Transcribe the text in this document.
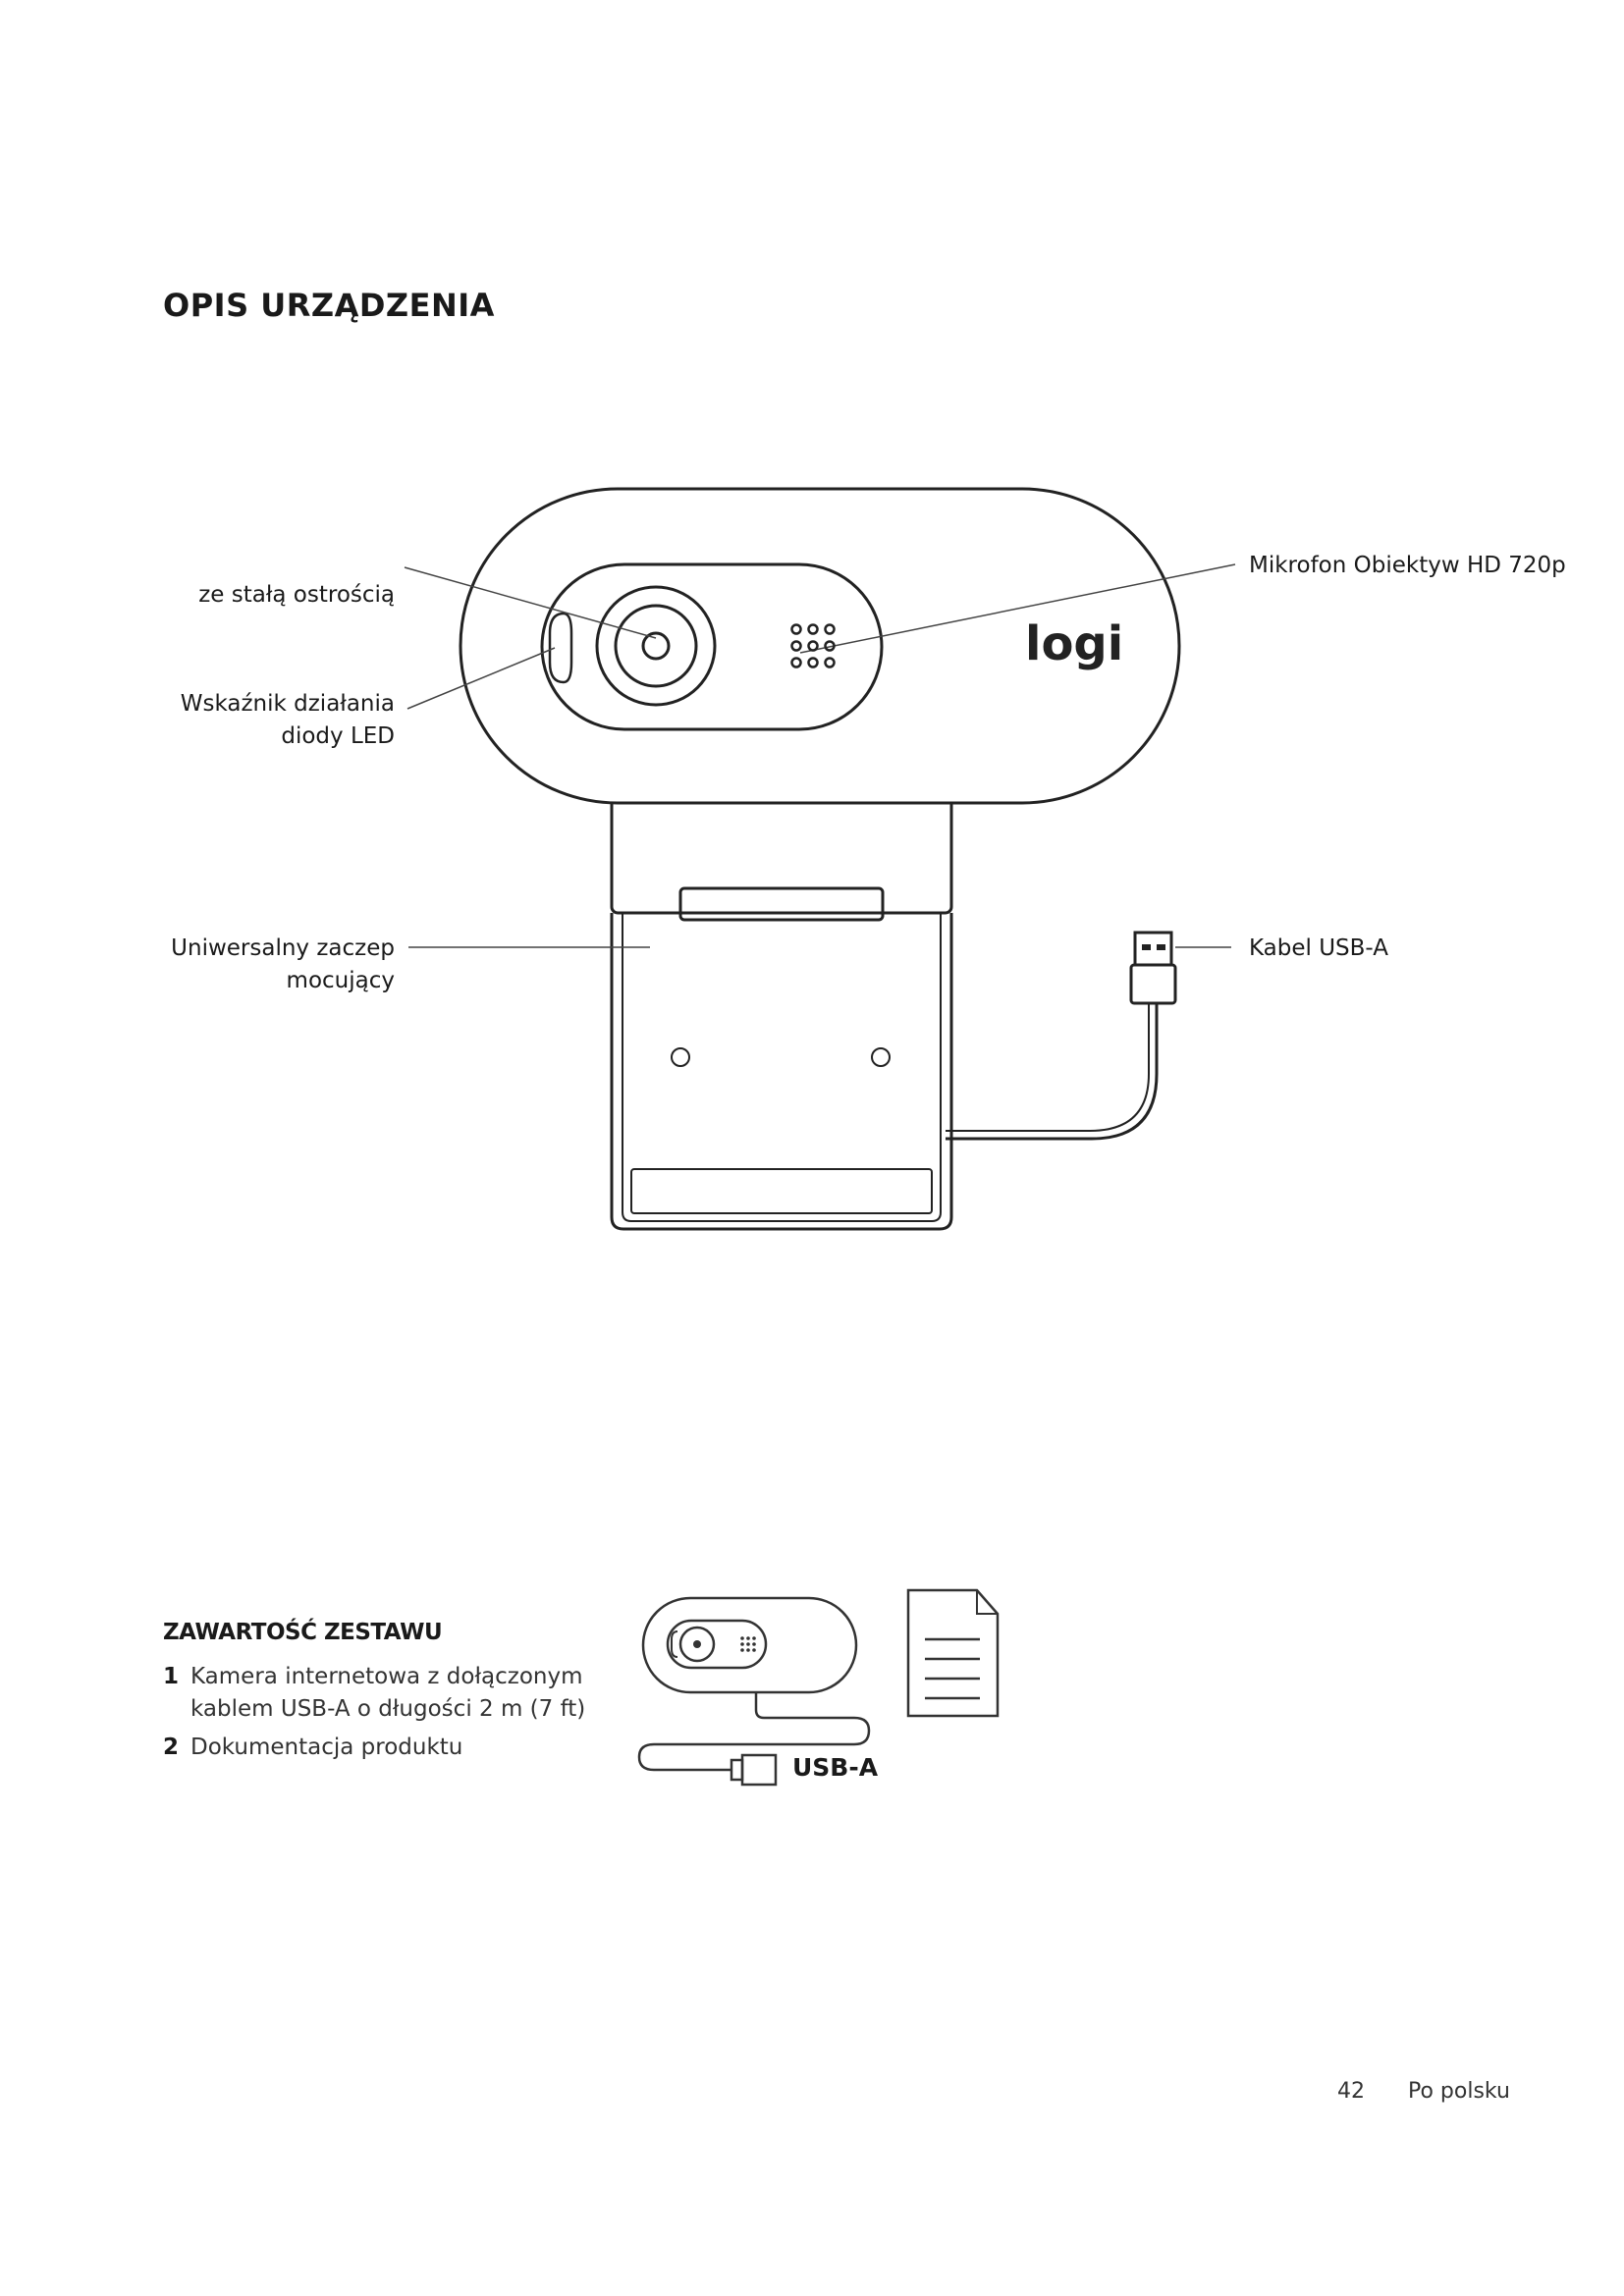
OPIS URZĄDZENIA
logi
ze stałą ostrością
Wskaźnik działania
diody LED
Uniwersalny zaczep
mocujący
Mikrofon Obiektyw HD 720p
Kabel USB-A
ZAWARTOŚĆ ZESTAWU
1 Kamera internetowa z dołączonym
kablem USB-A o długości 2 m (7 ft)
2 Dokumentacja produktu
USB-A
42 Po polsku
